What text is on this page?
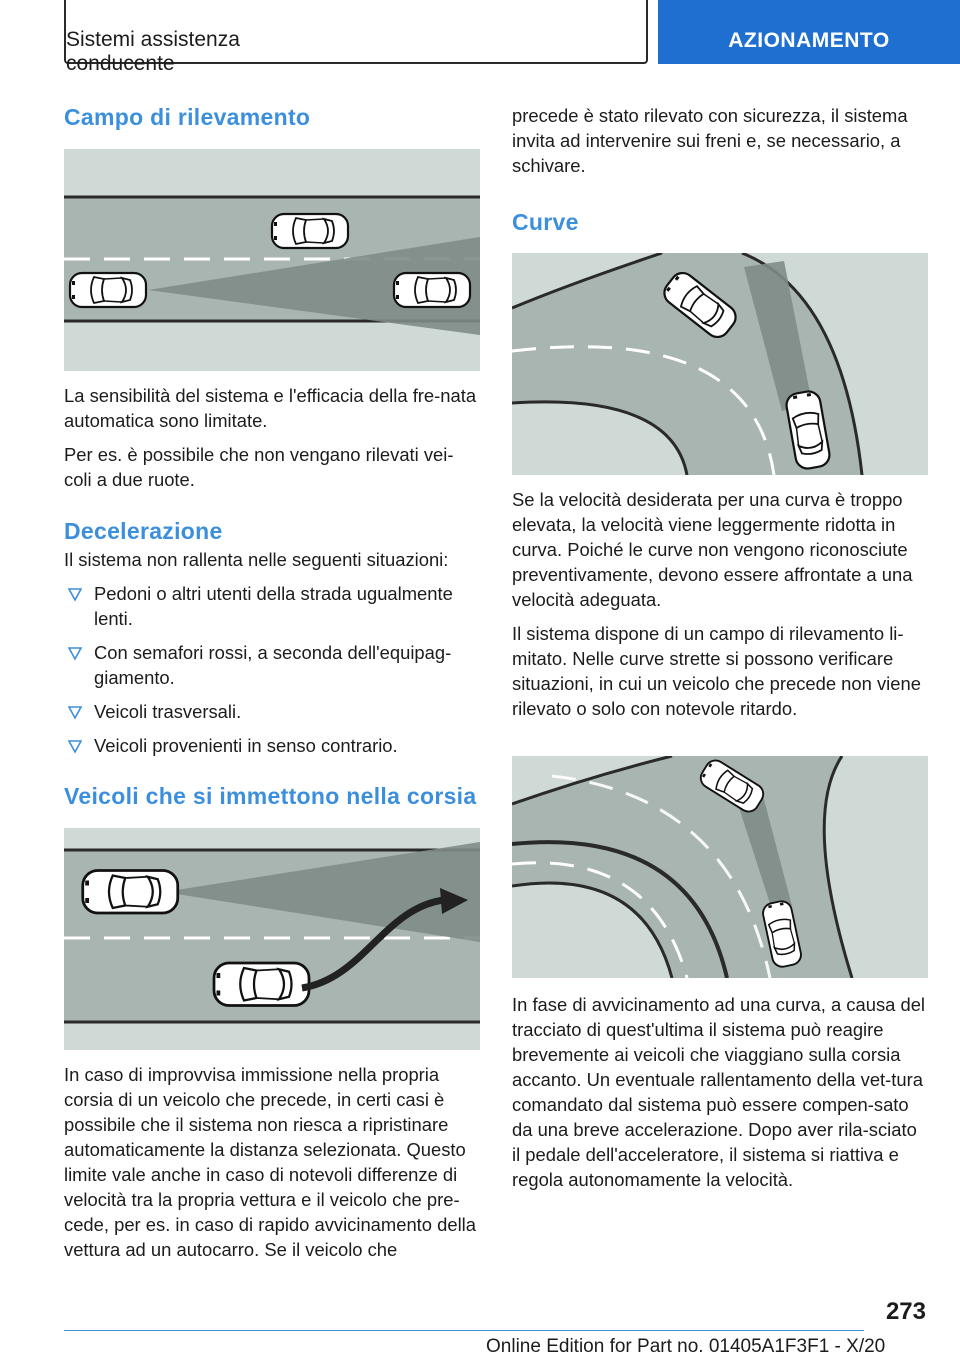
Sistemi assistenza conducente
AZIONAMENTO
Campo di rilevamento

La sensibilità del sistema e l'efficacia della fre-nata automatica sono limitate.

Per es. è possibile che non vengano rilevati vei-coli a due ruote.

Decelerazione

Il sistema non rallenta nelle seguenti situazioni:

Pedoni o altri utenti della strada ugualmente lenti.
Con semafori rossi, a seconda dell'equipag-giamento.
Veicoli trasversali.
Veicoli provenienti in senso contrario.
Veicoli che si immettono nella corsia

In caso di improvvisa immissione nella propria corsia di un veicolo che precede, in certi casi è possibile che il sistema non riesca a ripristinare automaticamente la distanza selezionata. Questo limite vale anche in caso di notevoli differenze di velocità tra la propria vettura e il veicolo che pre-cede, per es. in caso di rapido avvicinamento della vettura ad un autocarro. Se il veicolo che

precede è stato rilevato con sicurezza, il sistema invita ad intervenire sui freni e, se necessario, a schivare.

Curve

Se la velocità desiderata per una curva è troppo elevata, la velocità viene leggermente ridotta in curva. Poiché le curve non vengono riconosciute preventivamente, devono essere affrontate a una velocità adeguata.

Il sistema dispone di un campo di rilevamento li-mitato. Nelle curve strette si possono verificare situazioni, in cui un veicolo che precede non viene rilevato o solo con notevole ritardo.

In fase di avvicinamento ad una curva, a causa del tracciato di quest'ultima il sistema può reagire brevemente ai veicoli che viaggiano sulla corsia accanto. Un eventuale rallentamento della vet-tura comandato dal sistema può essere compen-sato da una breve accelerazione. Dopo aver rila-sciato il pedale dell'acceleratore, il sistema si riattiva e regola autonomamente la velocità.

273
Online Edition for Part no. 01405A1F3F1 - X/20
